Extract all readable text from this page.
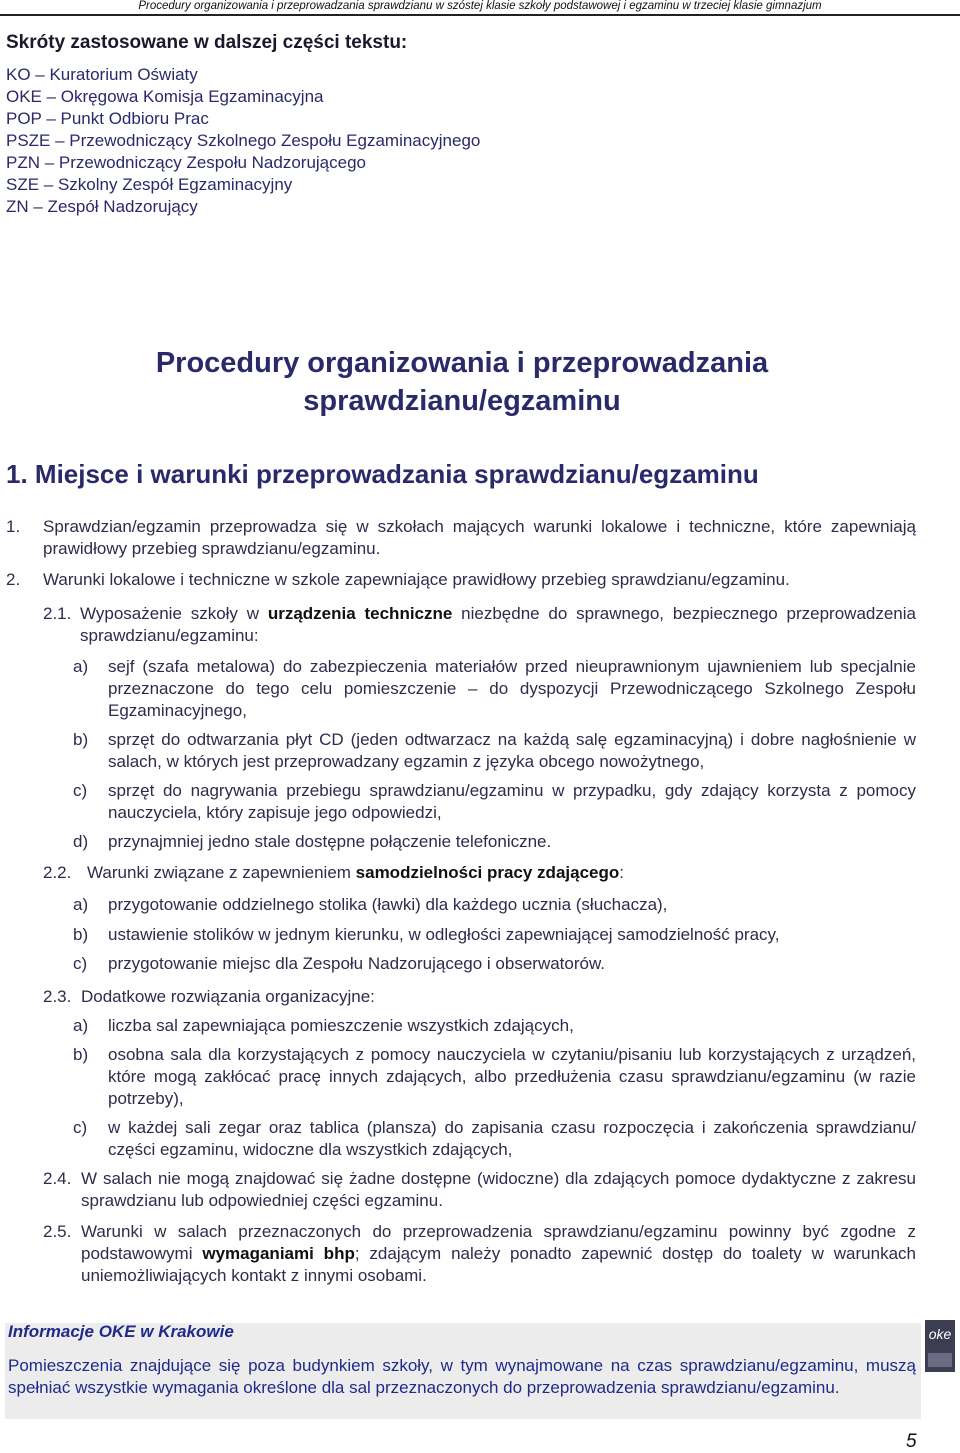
Procedury organizowania i przeprowadzania sprawdzianu w szóstej klasie szkoły podstawowej i egzaminu w trzeciej klasie gimnazjum
Skróty zastosowane w dalszej części tekstu:
KO – Kuratorium Oświaty
OKE – Okręgowa Komisja Egzaminacyjna
POP – Punkt Odbioru Prac
PSZE – Przewodniczący Szkolnego Zespołu Egzaminacyjnego
PZN – Przewodniczący Zespołu Nadzorującego
SZE – Szkolny Zespół Egzaminacyjny
ZN – Zespół Nadzorujący
Procedury organizowania i przeprowadzania
sprawdzianu/egzaminu
1. Miejsce i warunki przeprowadzania sprawdzianu/egzaminu
1. Sprawdzian/egzamin przeprowadza się w szkołach mających warunki lokalowe i techniczne, które zapewniają prawidłowy przebieg sprawdzianu/egzaminu.
2. Warunki lokalowe i techniczne w szkole zapewniające prawidłowy przebieg sprawdzianu/egzaminu.
2.1. Wyposażenie szkoły w urządzenia techniczne niezbędne do sprawnego, bezpiecznego przeprowadzenia sprawdzianu/egzaminu:
a) sejf (szafa metalowa) do zabezpieczenia materiałów przed nieuprawnionym ujawnieniem lub specjalnie przeznaczone do tego celu pomieszczenie – do dyspozycji Przewodniczącego Szkolnego Zespołu Egzaminacyjnego,
b) sprzęt do odtwarzania płyt CD (jeden odtwarzacz na każdą salę egzaminacyjną) i dobre nagłośnienie w salach, w których jest przeprowadzany egzamin z języka obcego nowożytnego,
c) sprzęt do nagrywania przebiegu sprawdzianu/egzaminu w przypadku, gdy zdający korzysta z pomocy nauczyciela, który zapisuje jego odpowiedzi,
d) przynajmniej jedno stale dostępne połączenie telefoniczne.
2.2. Warunki związane z zapewnieniem samodzielności pracy zdającego:
a) przygotowanie oddzielnego stolika (ławki) dla każdego ucznia (słuchacza),
b) ustawienie stolików w jednym kierunku, w odległości zapewniającej samodzielność pracy,
c) przygotowanie miejsc dla Zespołu Nadzorującego i obserwatorów.
2.3. Dodatkowe rozwiązania organizacyjne:
a) liczba sal zapewniająca pomieszczenie wszystkich zdających,
b) osobna sala dla korzystających z pomocy nauczyciela w czytaniu/pisaniu lub korzystających z urządzeń, które mogą zakłócać pracę innych zdających, albo przedłużenia czasu sprawdzianu/egzaminu (w razie potrzeby),
c) w każdej sali zegar oraz tablica (plansza) do zapisania czasu rozpoczęcia i zakończenia sprawdzianu/ części egzaminu, widoczne dla wszystkich zdających,
2.4. W salach nie mogą znajdować się żadne dostępne (widoczne) dla zdających pomoce dydaktyczne z zakresu sprawdzianu lub odpowiedniej części egzaminu.
2.5. Warunki w salach przeznaczonych do przeprowadzenia sprawdzianu/egzaminu powinny być zgodne z podstawowymi wymaganiami bhp; zdającym należy ponadto zapewnić dostęp do toalety w warunkach uniemożliwiających kontakt z innymi osobami.
Informacje OKE w Krakowie
Pomieszczenia znajdujące się poza budynkiem szkoły, w tym wynajmowane na czas sprawdzianu/egzaminu, muszą spełniać wszystkie wymagania określone dla sal przeznaczonych do przeprowadzenia sprawdzianu/egzaminu.
oke
5
